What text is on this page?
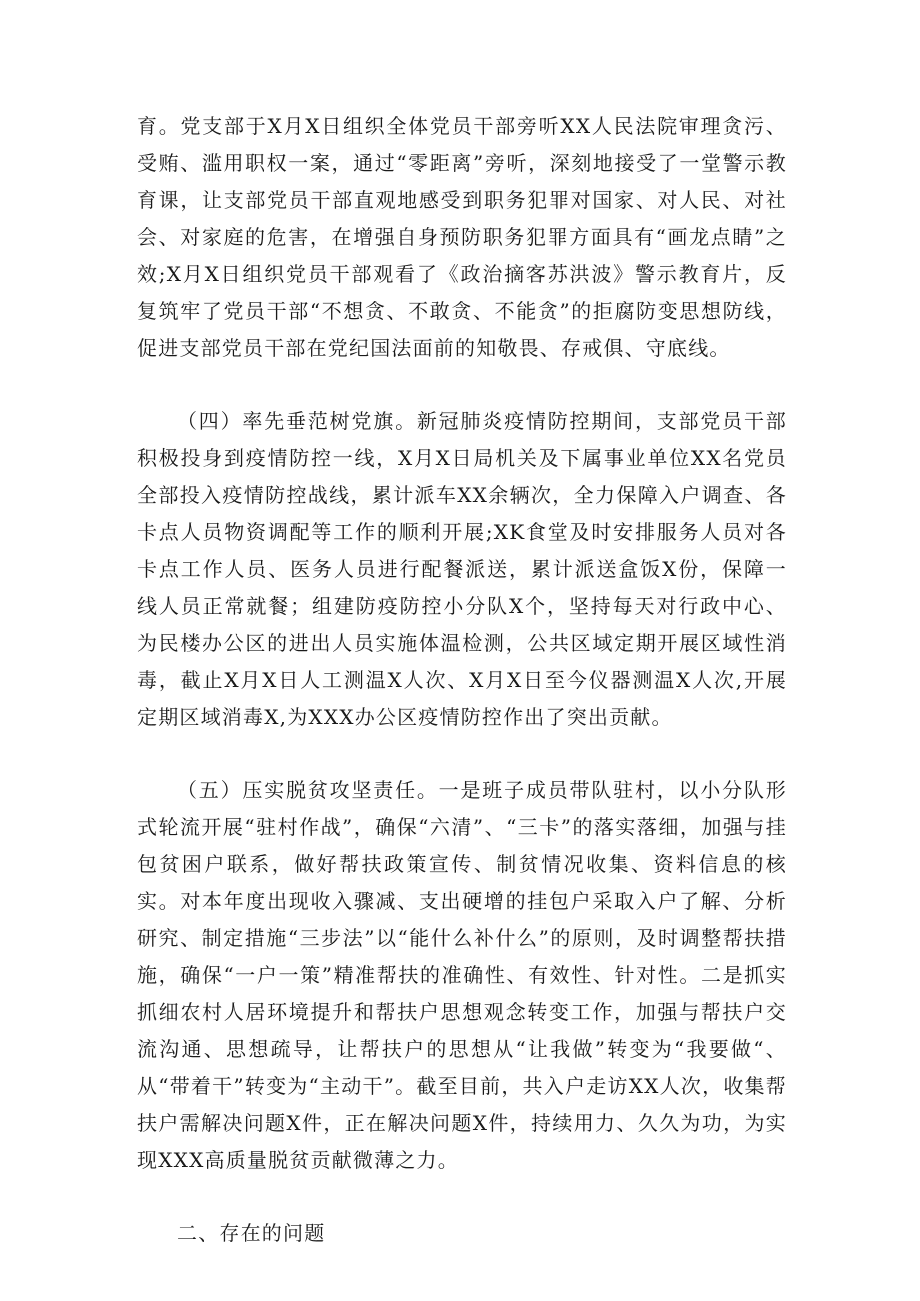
育。党支部于X月X日组织全体党员干部旁听XX人民法院审理贪污、受贿、滥用职权一案，通过“零距离”旁听，深刻地接受了一堂警示教育课，让支部党员干部直观地感受到职务犯罪对国家、对人民、对社会、对家庭的危害，在增强自身预防职务犯罪方面具有“画龙点睛”之效;X月X日组织党员干部观看了《政治摘客苏洪波》警示教育片，反复筑牢了党员干部“不想贪、不敢贪、不能贪”的拒腐防变思想防线，促进支部党员干部在党纪国法面前的知敬畏、存戒俱、守底线。

（四）率先垂范树党旗。新冠肺炎疫情防控期间，支部党员干部积极投身到疫情防控一线，X月X日局机关及下属事业单位XX名党员全部投入疫情防控战线，累计派车XX余辆次，全力保障入户调查、各卡点人员物资调配等工作的顺利开展;XK食堂及时安排服务人员对各卡点工作人员、医务人员进行配餐派送，累计派送盒饭X份，保障一线人员正常就餐；组建防疫防控小分队X个，坚持每天对行政中心、为民楼办公区的进出人员实施体温检测，公共区域定期开展区域性消毒，截止X月X日人工测温X人次、X月X日至今仪器测温X人次,开展定期区域消毒X,为XXX办公区疫情防控作出了突出贡献。

（五）压实脱贫攻坚责任。一是班子成员带队驻村，以小分队形式轮流开展“驻村作战”，确保“六清”、“三卡”的落实落细，加强与挂包贫困户联系，做好帮扶政策宣传、制贫情况收集、资料信息的核实。对本年度出现收入骤减、支出硬增的挂包户采取入户了解、分析研究、制定措施“三步法”以“能什么补什么”的原则，及时调整帮扶措施，确保“一户一策”精准帮扶的准确性、有效性、针对性。二是抓实抓细农村人居环境提升和帮扶户思想观念转变工作，加强与帮扶户交流沟通、思想疏导，让帮扶户的思想从“让我做”转变为“我要做“、从“带着干”转变为“主动干”。截至目前，共入户走访XX人次，收集帮扶户需解决问题X件，正在解决问题X件，持续用力、久久为功，为实现XXX高质量脱贫贡献微薄之力。

二、存在的问题
